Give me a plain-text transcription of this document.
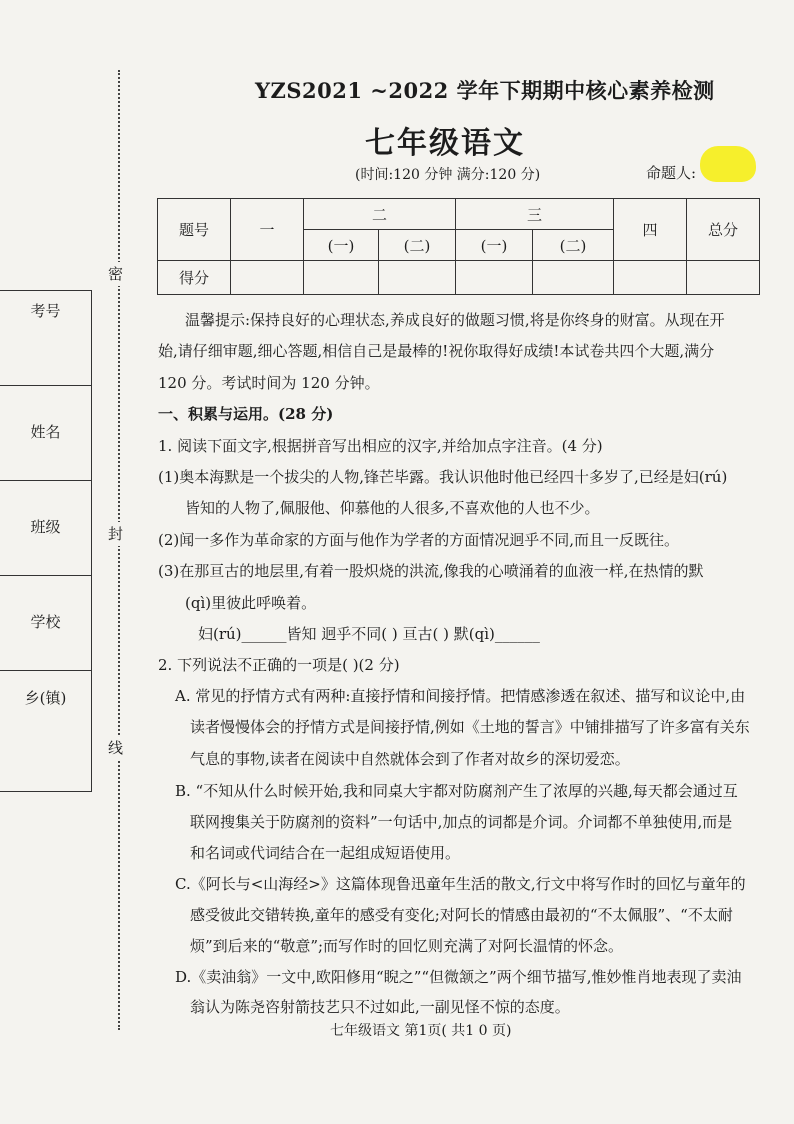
密
封
线
考号

姓名

班级

学校

乡(镇)
YZS2021 ~2022 学年下期期中核心素养检测
七年级语文
(时间:120 分钟 满分:120 分)	命题人:
题号	一	二		三		四	总分
		(一)	(二)	(一)	(二)		
得分							
温馨提示:保持良好的心理状态,养成良好的做题习惯,将是你终身的财富。从现在开
始,请仔细审题,细心答题,相信自己是最棒的!祝你取得好成绩!本试卷共四个大题,满分
120 分。考试时间为 120 分钟。
一、积累与运用。(28 分)
1. 阅读下面文字,根据拼音写出相应的汉字,并给加点字注音。(4 分)
(1)奥本海默是一个拔尖的人物,锋芒毕露。我认识他时他已经四十多岁了,已经是妇(rú)
皆知的人物了,佩服他、仰慕他的人很多,不喜欢他的人也不少。
(2)闻一多作为革命家的方面与他作为学者的方面情况迥乎不同,而且一反既往。
(3)在那亘古的地层里,有着一股炽烧的洪流,像我的心喷涌着的血液一样,在热情的默
(qì)里彼此呼唤着。
妇(rú)______皆知 迥乎不同( ) 亘古( ) 默(qì)______
2. 下列说法不正确的一项是( )(2 分)
A. 常见的抒情方式有两种:直接抒情和间接抒情。把情感渗透在叙述、描写和议论中,由
读者慢慢体会的抒情方式是间接抒情,例如《土地的誓言》中铺排描写了许多富有关东
气息的事物,读者在阅读中自然就体会到了作者对故乡的深切爱恋。
B. “不知从什么时候开始,我和同桌大宇都对防腐剂产生了浓厚的兴趣,每天都会通过互
联网搜集关于防腐剂的资料”一句话中,加点的词都是介词。介词都不单独使用,而是
和名词或代词结合在一起组成短语使用。
C.《阿长与<山海经>》这篇体现鲁迅童年生活的散文,行文中将写作时的回忆与童年的
感受彼此交错转换,童年的感受有变化;对阿长的情感由最初的“不太佩服”、“不太耐
烦”到后来的“敬意”;而写作时的回忆则充满了对阿长温情的怀念。
D.《卖油翁》一文中,欧阳修用“睨之”“但微颔之”两个细节描写,惟妙惟肖地表现了卖油
翁认为陈尧咨射箭技艺只不过如此,一副见怪不惊的态度。
七年级语文 第1页( 共1 0 页)
